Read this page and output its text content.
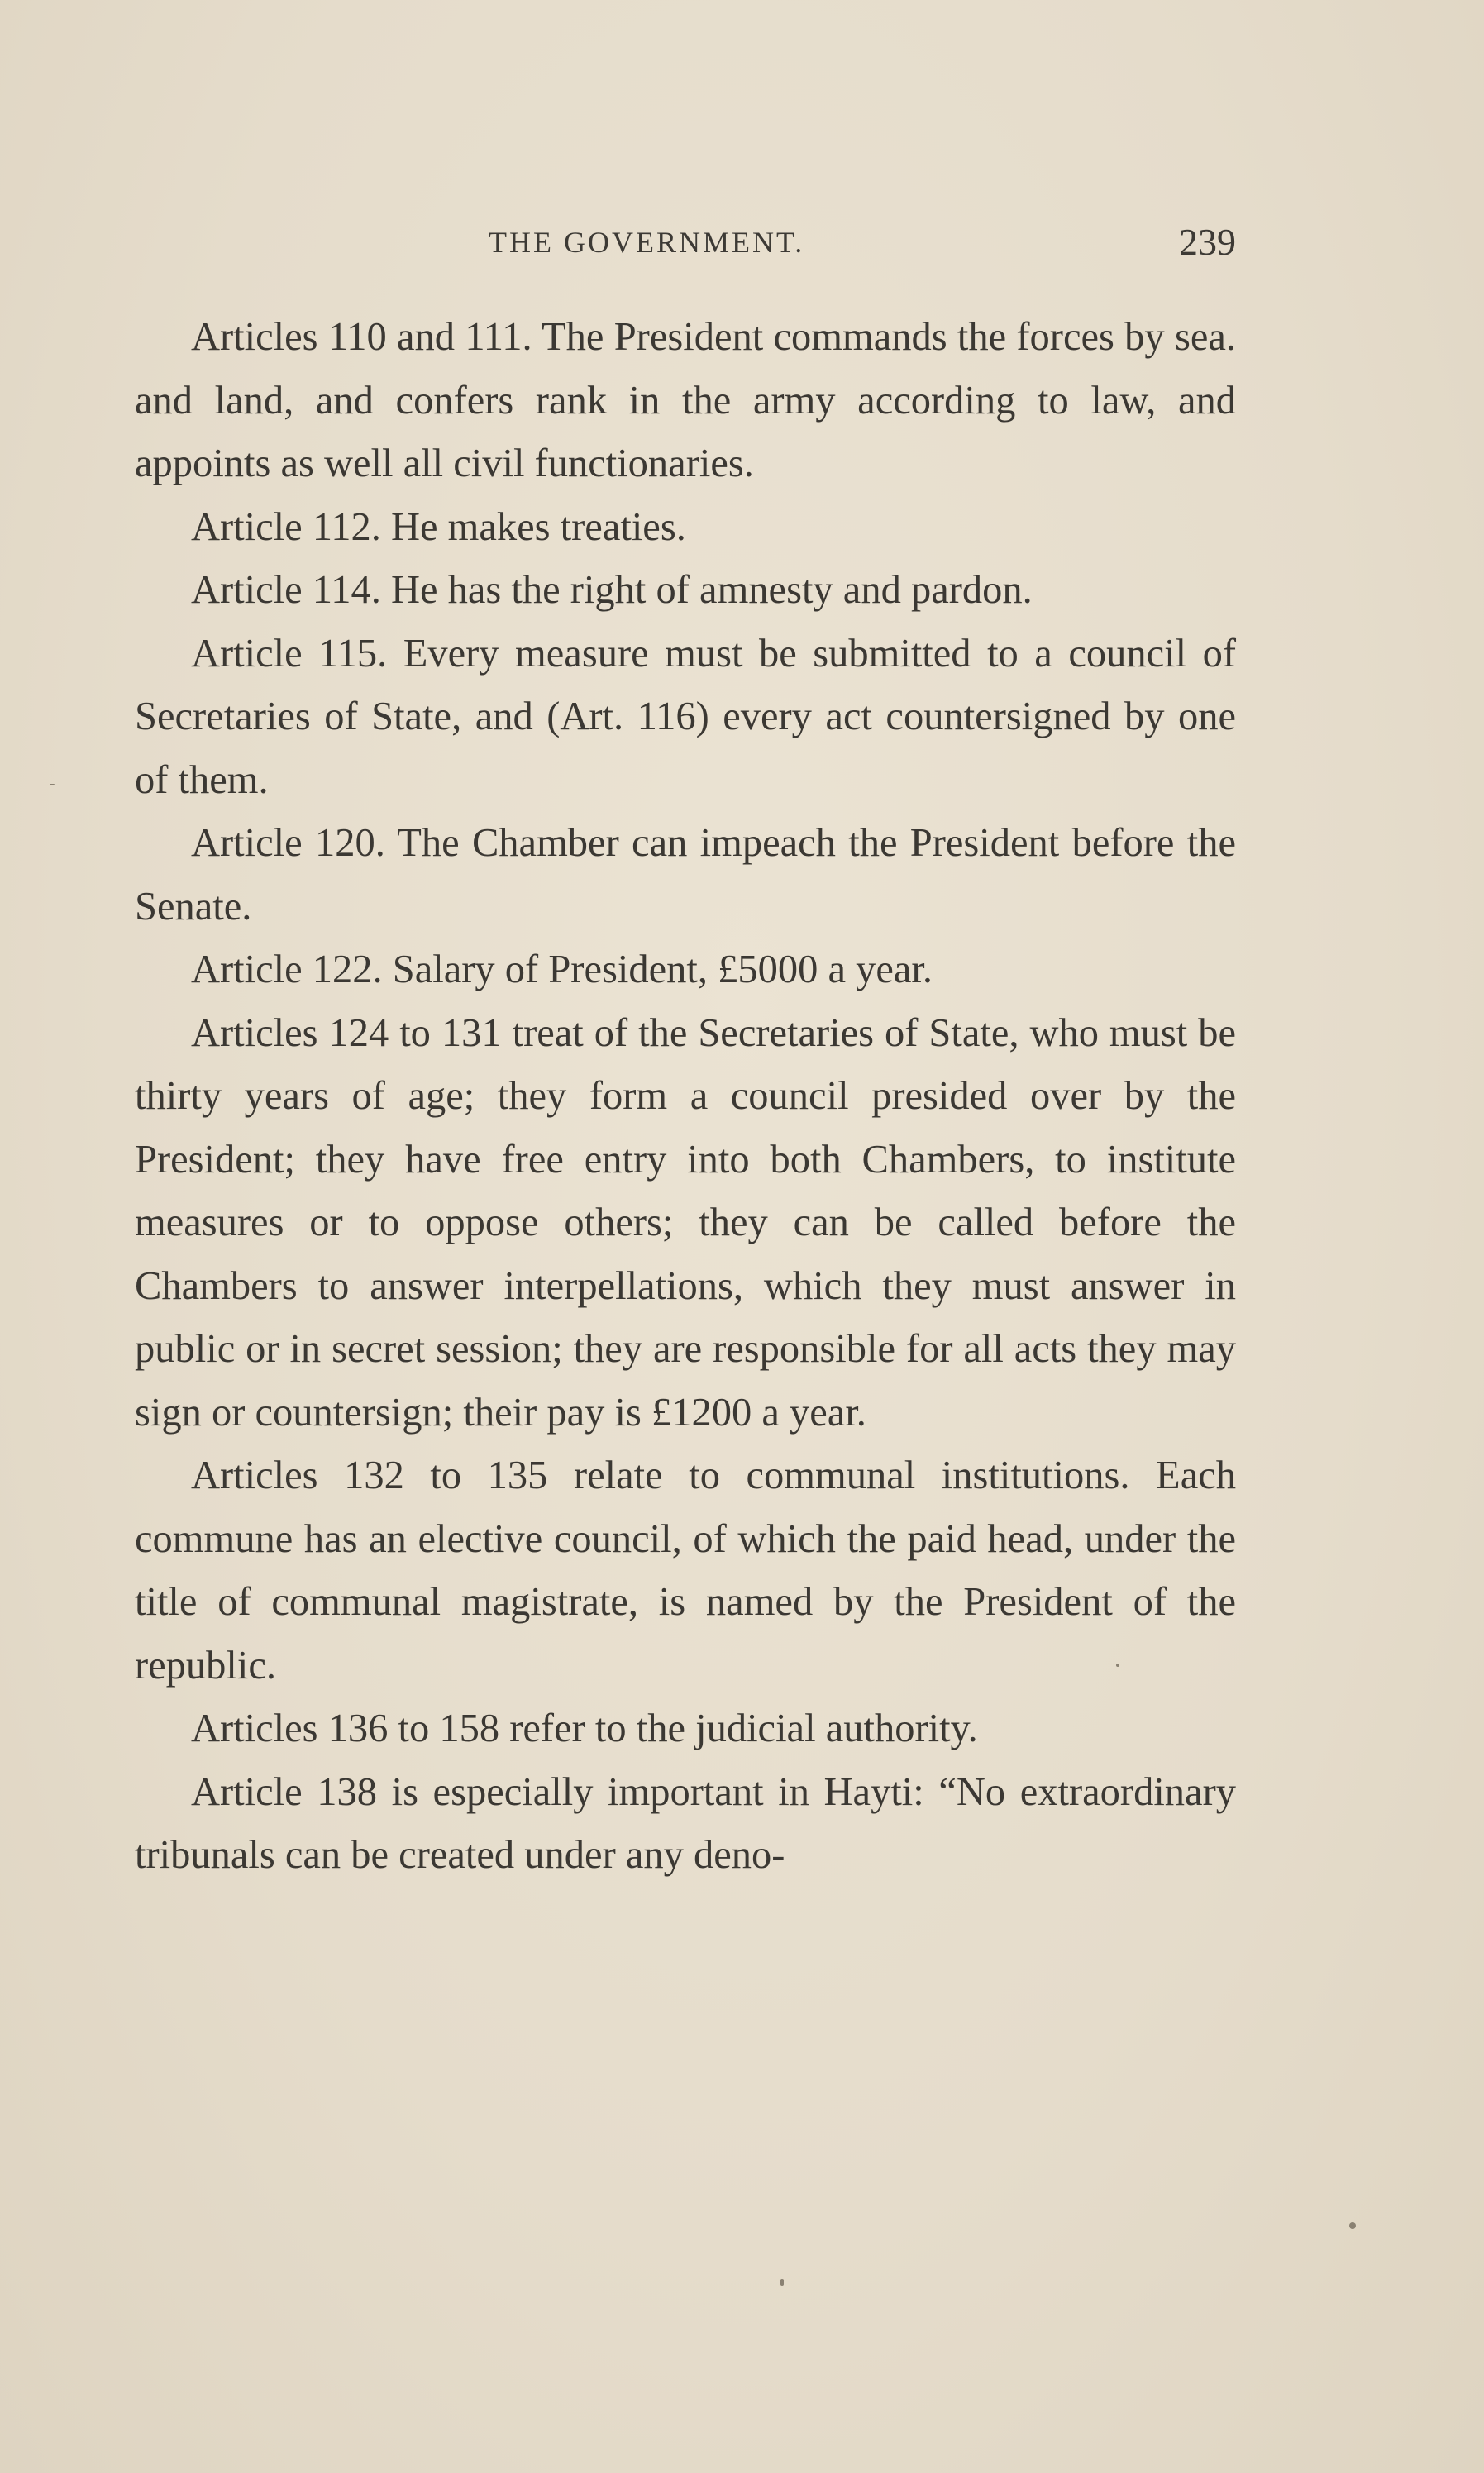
THE GOVERNMENT.	239

Articles 110 and 111. The President commands the forces by sea. and land, and confers rank in the army according to law, and appoints as well all civil functionaries.

Article 112. He makes treaties.

Article 114. He has the right of amnesty and pardon.

Article 115. Every measure must be submitted to a council of Secretaries of State, and (Art. 116) every act countersigned by one of them.

Article 120. The Chamber can impeach the President before the Senate.

Article 122. Salary of President, £5000 a year.

Articles 124 to 131 treat of the Secretaries of State, who must be thirty years of age; they form a council presided over by the President; they have free entry into both Chambers, to institute measures or to oppose others; they can be called before the Chambers to answer interpellations, which they must answer in public or in secret session; they are responsible for all acts they may sign or countersign; their pay is £1200 a year.

Articles 132 to 135 relate to communal institutions. Each commune has an elective council, of which the paid head, under the title of communal magistrate, is named by the President of the republic.

Articles 136 to 158 refer to the judicial authority.

Article 138 is especially important in Hayti: “No extraordinary tribunals can be created under any deno-
